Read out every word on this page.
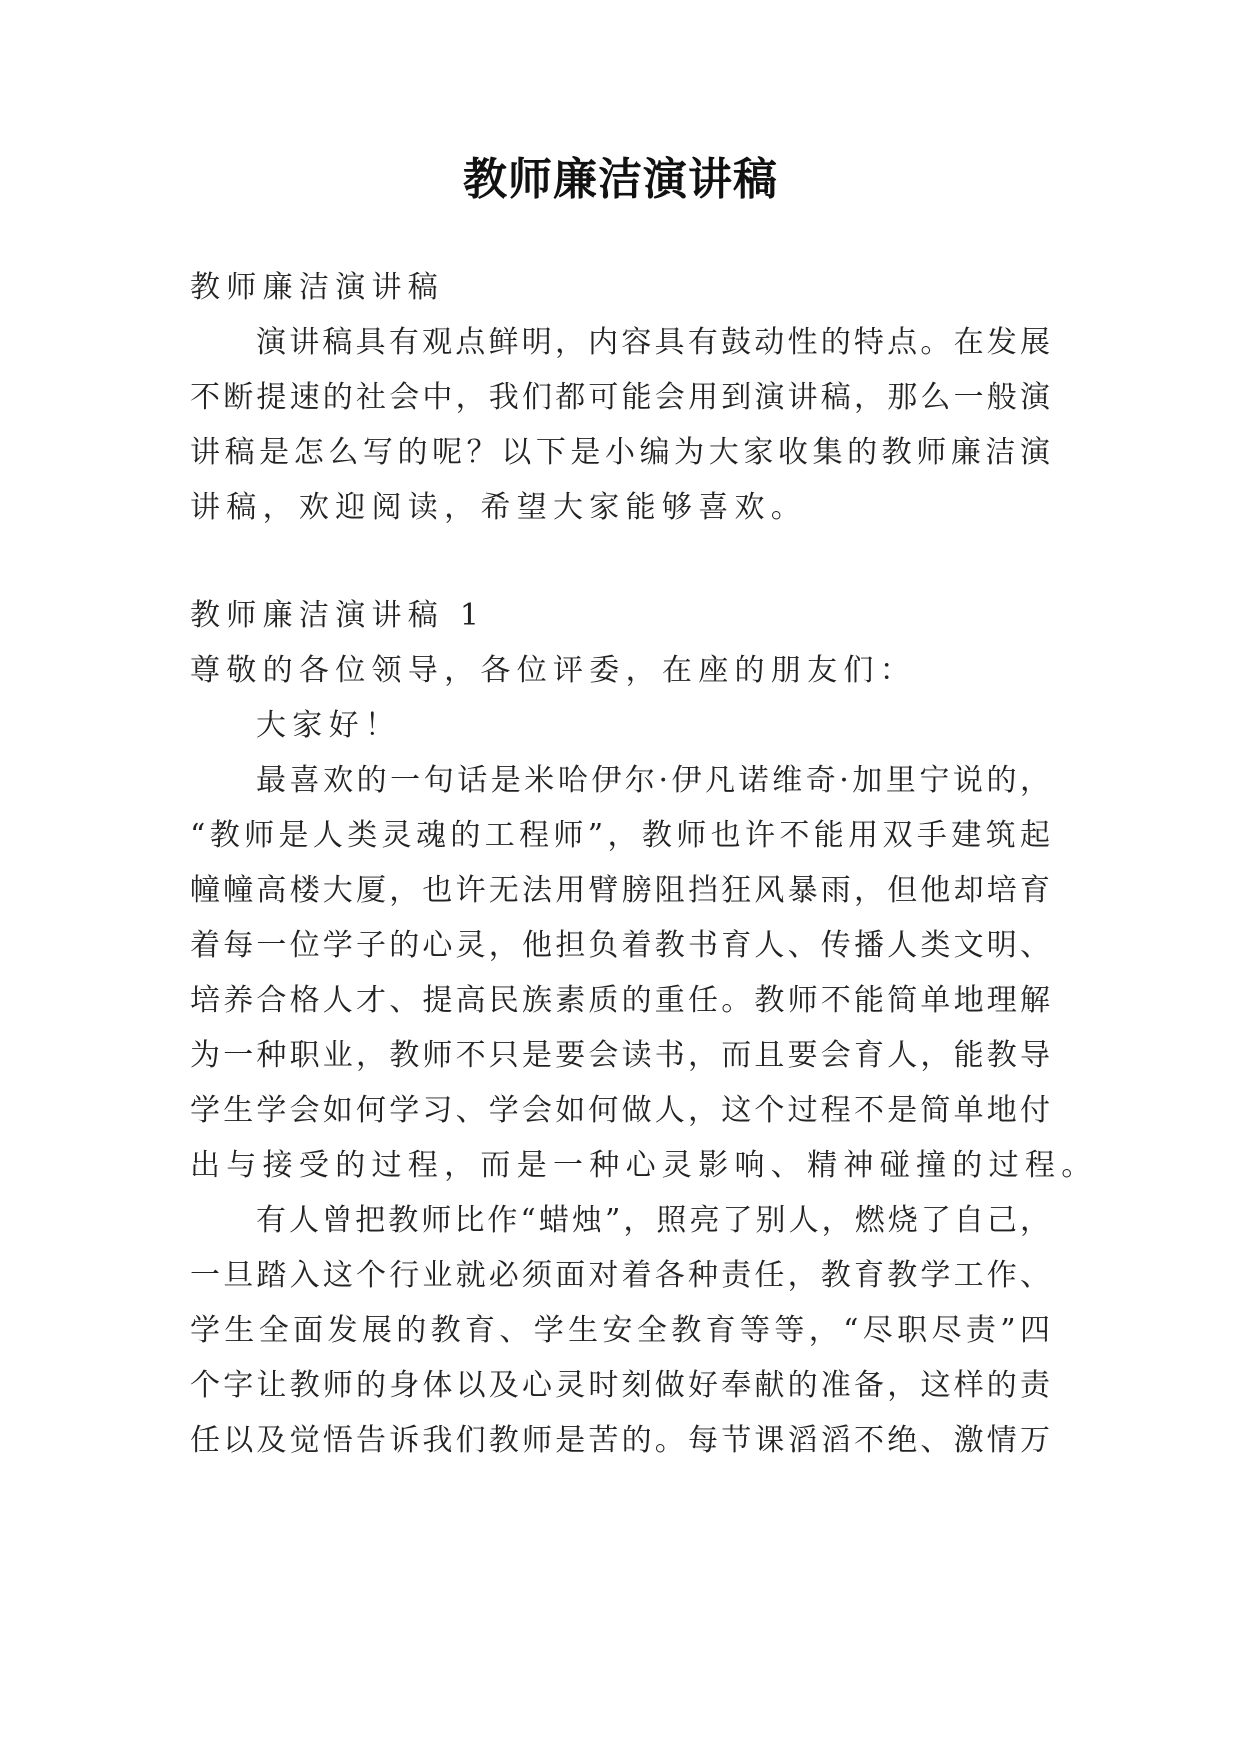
教师廉洁演讲稿
教师廉洁演讲稿
演讲稿具有观点鲜明，内容具有鼓动性的特点。在发展
不断提速的社会中，我们都可能会用到演讲稿，那么一般演
讲稿是怎么写的呢？以下是小编为大家收集的教师廉洁演
讲稿，欢迎阅读，希望大家能够喜欢。
教师廉洁演讲稿 1
尊敬的各位领导，各位评委，在座的朋友们：
大家好！
最喜欢的一句话是米哈伊尔·伊凡诺维奇·加里宁说的，
“教师是人类灵魂的工程师”，教师也许不能用双手建筑起
幢幢高楼大厦，也许无法用臂膀阻挡狂风暴雨，但他却培育
着每一位学子的心灵，他担负着教书育人、传播人类文明、
培养合格人才、提高民族素质的重任。教师不能简单地理解
为一种职业，教师不只是要会读书，而且要会育人，能教导
学生学会如何学习、学会如何做人，这个过程不是简单地付
出与接受的过程，而是一种心灵影响、精神碰撞的过程。
有人曾把教师比作“蜡烛”，照亮了别人，燃烧了自己，
一旦踏入这个行业就必须面对着各种责任，教育教学工作、
学生全面发展的教育、学生安全教育等等，“尽职尽责”四
个字让教师的身体以及心灵时刻做好奉献的准备，这样的责
任以及觉悟告诉我们教师是苦的。每节课滔滔不绝、激情万
